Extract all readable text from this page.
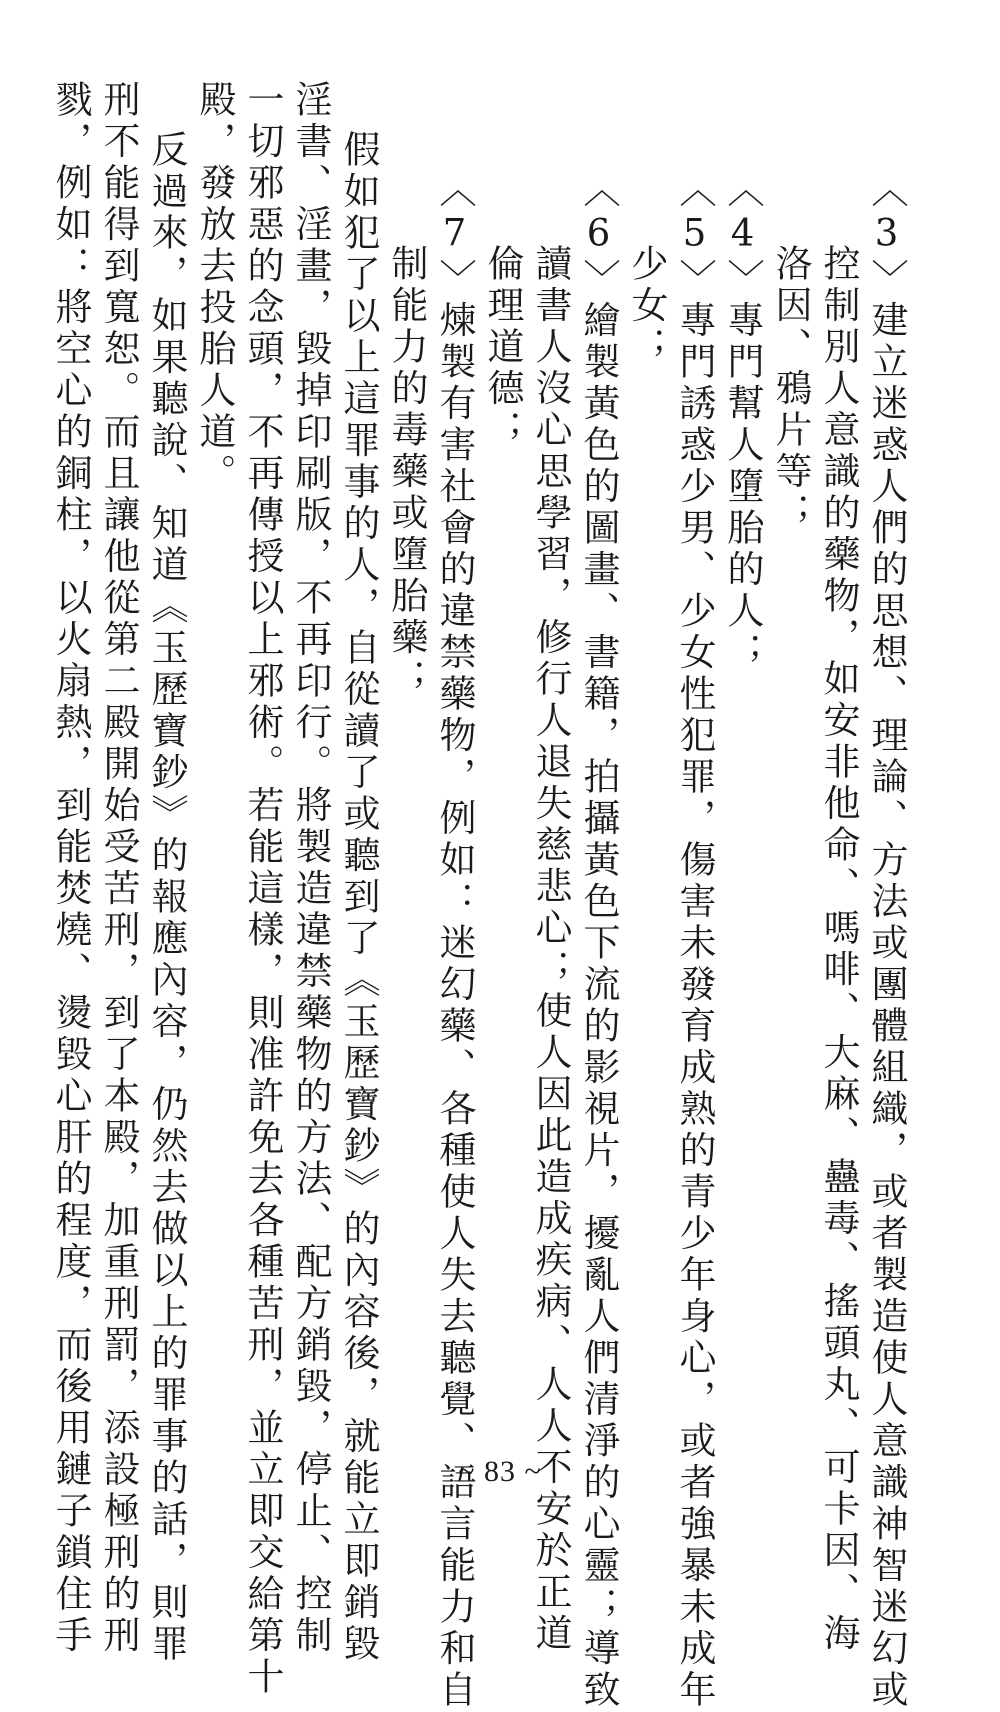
〈3〉建立迷惑人們的思想、理論、方法或團體組織，或者製造使人意識神智迷幻或
控制別人意識的藥物，如安非他命、嗎啡、大麻、蠱毒、搖頭丸、可卡因、海
洛因、鴉片等；
〈4〉專門幫人墮胎的人；
〈5〉專門誘惑少男、少女性犯罪，傷害未發育成熟的青少年身心，或者強暴未成年
少女；
〈6〉繪製黃色的圖畫、書籍，拍攝黃色下流的影視片，擾亂人們清淨的心靈；導致
讀書人沒心思學習，修行人退失慈悲心；使人因此造成疾病、人人不安於正道
倫理道德；
〈7〉煉製有害社會的違禁藥物，例如：迷幻藥、各種使人失去聽覺、語言能力和自
制能力的毒藥或墮胎藥；
假如犯了以上這罪事的人，自從讀了或聽到了《玉歷寶鈔》的內容後，就能立即銷毀
淫書、淫畫，毀掉印刷版，不再印行。將製造違禁藥物的方法、配方銷毀，停止、控制
一切邪惡的念頭，不再傳授以上邪術。若能這樣，則准許免去各種苦刑，並立即交給第十
殿，發放去投胎人道。
反過來，如果聽說、知道《玉歷寶鈔》的報應內容，仍然去做以上的罪事的話，則罪
刑不能得到寬恕。而且讓他從第二殿開始受苦刑，到了本殿，加重刑罰，添設極刑的刑
戮，例如：將空心的銅柱，以火扇熱，到能焚燒、燙毀心肝的程度，而後用鏈子鎖住手	~ 83 ~
